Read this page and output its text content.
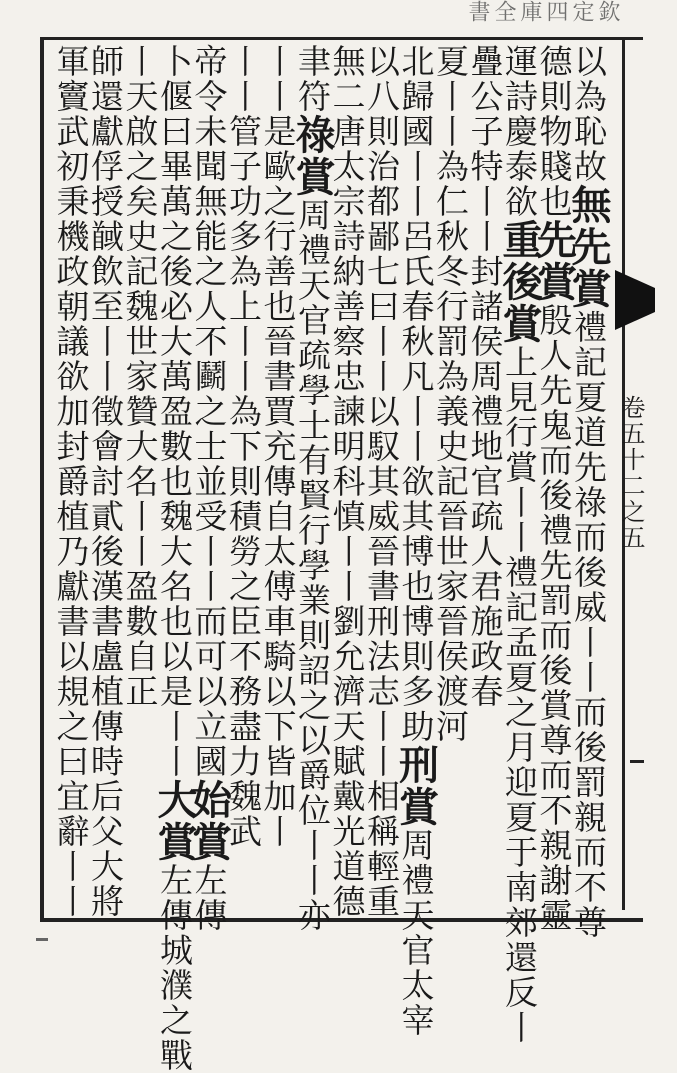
欽定四庫全書
卷五十二之五
以為恥故無先賞禮記夏道先祿而後威丨丨而後罰親而不尊
德則物賤也先賞殷人先鬼而後禮先罰而後賞尊而不親謝靈
運詩慶泰欲重後賞上見行賞丨丨禮記孟夏之月迎夏于南郊還反丨
疊公子特丨丨封諸侯周禮地官疏人君施政春
夏丨丨為仁秋冬行罰為義史記晉世家晉侯渡河
北歸國丨丨呂氏春秋凡丨丨欲其博也博則多助刑賞周禮天官太宰
以八則治都鄙七曰丨丨以馭其威晉書刑法志丨丨相稱輕重
無二唐太宗詩納善察忠諫明科慎丨丨劉允濟天賦戴光道德
聿符祿賞周禮天官疏學士有賢行學業則詔之以爵位丨丨亦
丨丨是歐之行善也晉書賈充傳自太傅車騎以下皆加丨
丨丨管子功多為上丨丨為下則積勞之臣不務盡力魏武
帝令未聞無能之人不鬬之士並受丨丨而可以立國始賞左傳
卜偃曰畢萬之後必大萬盈數也魏大名也以是丨丨大賞左傳城濮之戰
丨天啟之矣史記魏世家贊大名丨丨盈數自正
師還獻俘授馘飲至丨丨徵會討貳後漢書盧植傳時后父大將
軍竇武初秉機政朝議欲加封爵植乃獻書以規之曰宜辭丨丨
